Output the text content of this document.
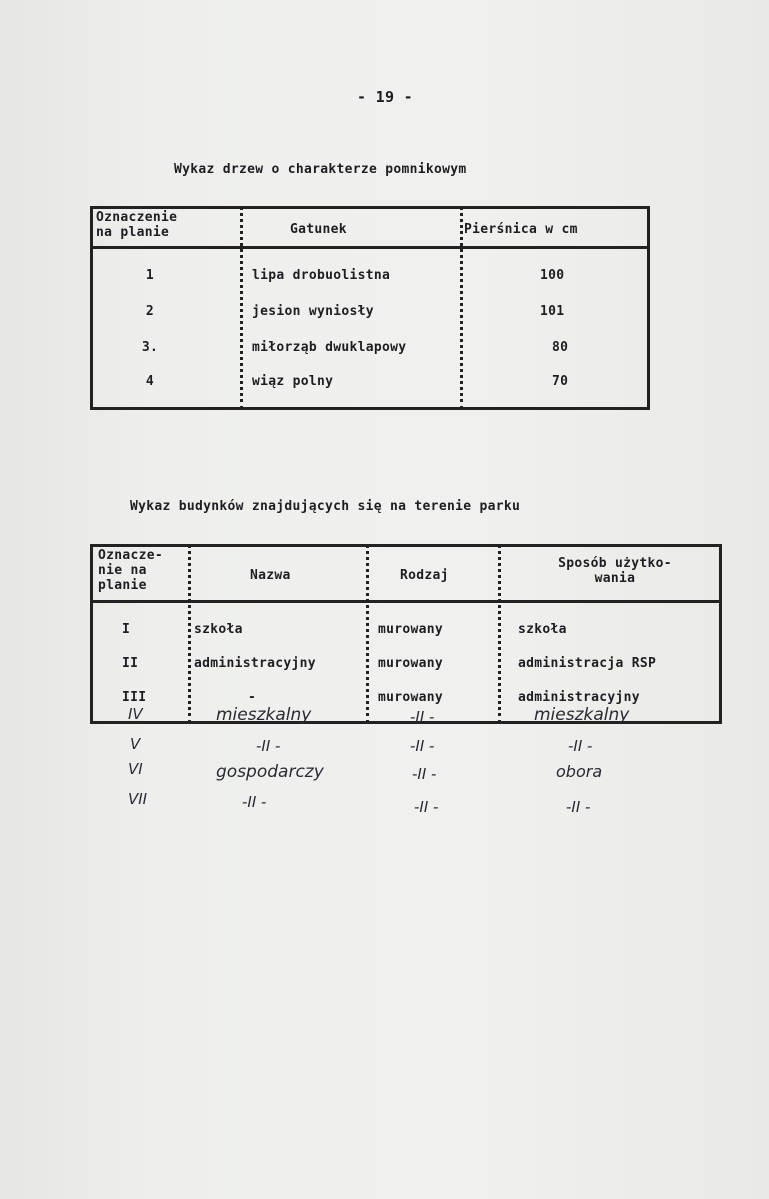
- 19 -
Wykaz drzew o charakterze pomnikowym
Oznaczenie
na planie	Gatunek	Pierśnica w cm
1	lipa drobuolistna	100
2	jesion wyniosły	101
3.	miłorząb dwuklapowy	80
4	wiąz polny	70
Wykaz budynków znajdujących się na terenie parku
Oznacze-
nie na
planie
Nazwa	Rodzaj
Sposób użytko-
wania
I	szkoła	murowany	szkoła
II	administracyjny	murowany	administracja RSP
III	-	murowany	administracyjny
IV	mieszkalny	-II -	mieszkalny
V	-II -	-II -	-II -
VI	gospodarczy	-II -	obora
VII	-II -	-II -	-II -
